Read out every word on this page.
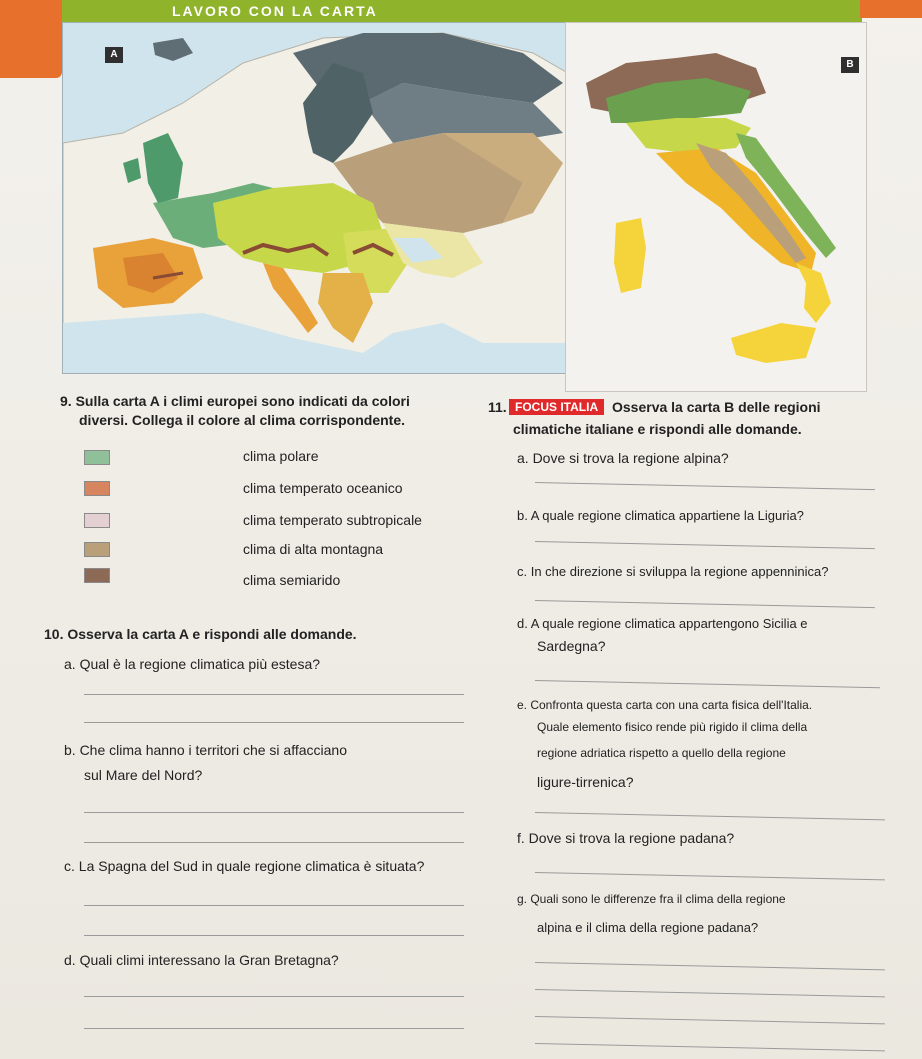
LAVORO CON LA CARTA
A
B
9. Sulla carta A i climi europei sono indicati da colori
diversi. Collega il colore al clima corrispondente.
clima polare
clima temperato oceanico
clima temperato subtropicale
clima di alta montagna
clima semiarido
10. Osserva la carta A e rispondi alle domande.
a. Qual è la regione climatica più estesa?
b. Che clima hanno i territori che si affacciano
sul Mare del Nord?
c. La Spagna del Sud in quale regione climatica è situata?
d. Quali climi interessano la Gran Bretagna?
11. FOCUS ITALIA Osserva la carta B delle regioni
climatiche italiane e rispondi alle domande.
a. Dove si trova la regione alpina?
b. A quale regione climatica appartiene la Liguria?
c. In che direzione si sviluppa la regione appenninica?
d. A quale regione climatica appartengono Sicilia e
Sardegna?
e. Confronta questa carta con una carta fisica dell'Italia.
Quale elemento fisico rende più rigido il clima della
regione adriatica rispetto a quello della regione
ligure-tirrenica?
f. Dove si trova la regione padana?
g. Quali sono le differenze fra il clima della regione
alpina e il clima della regione padana?
